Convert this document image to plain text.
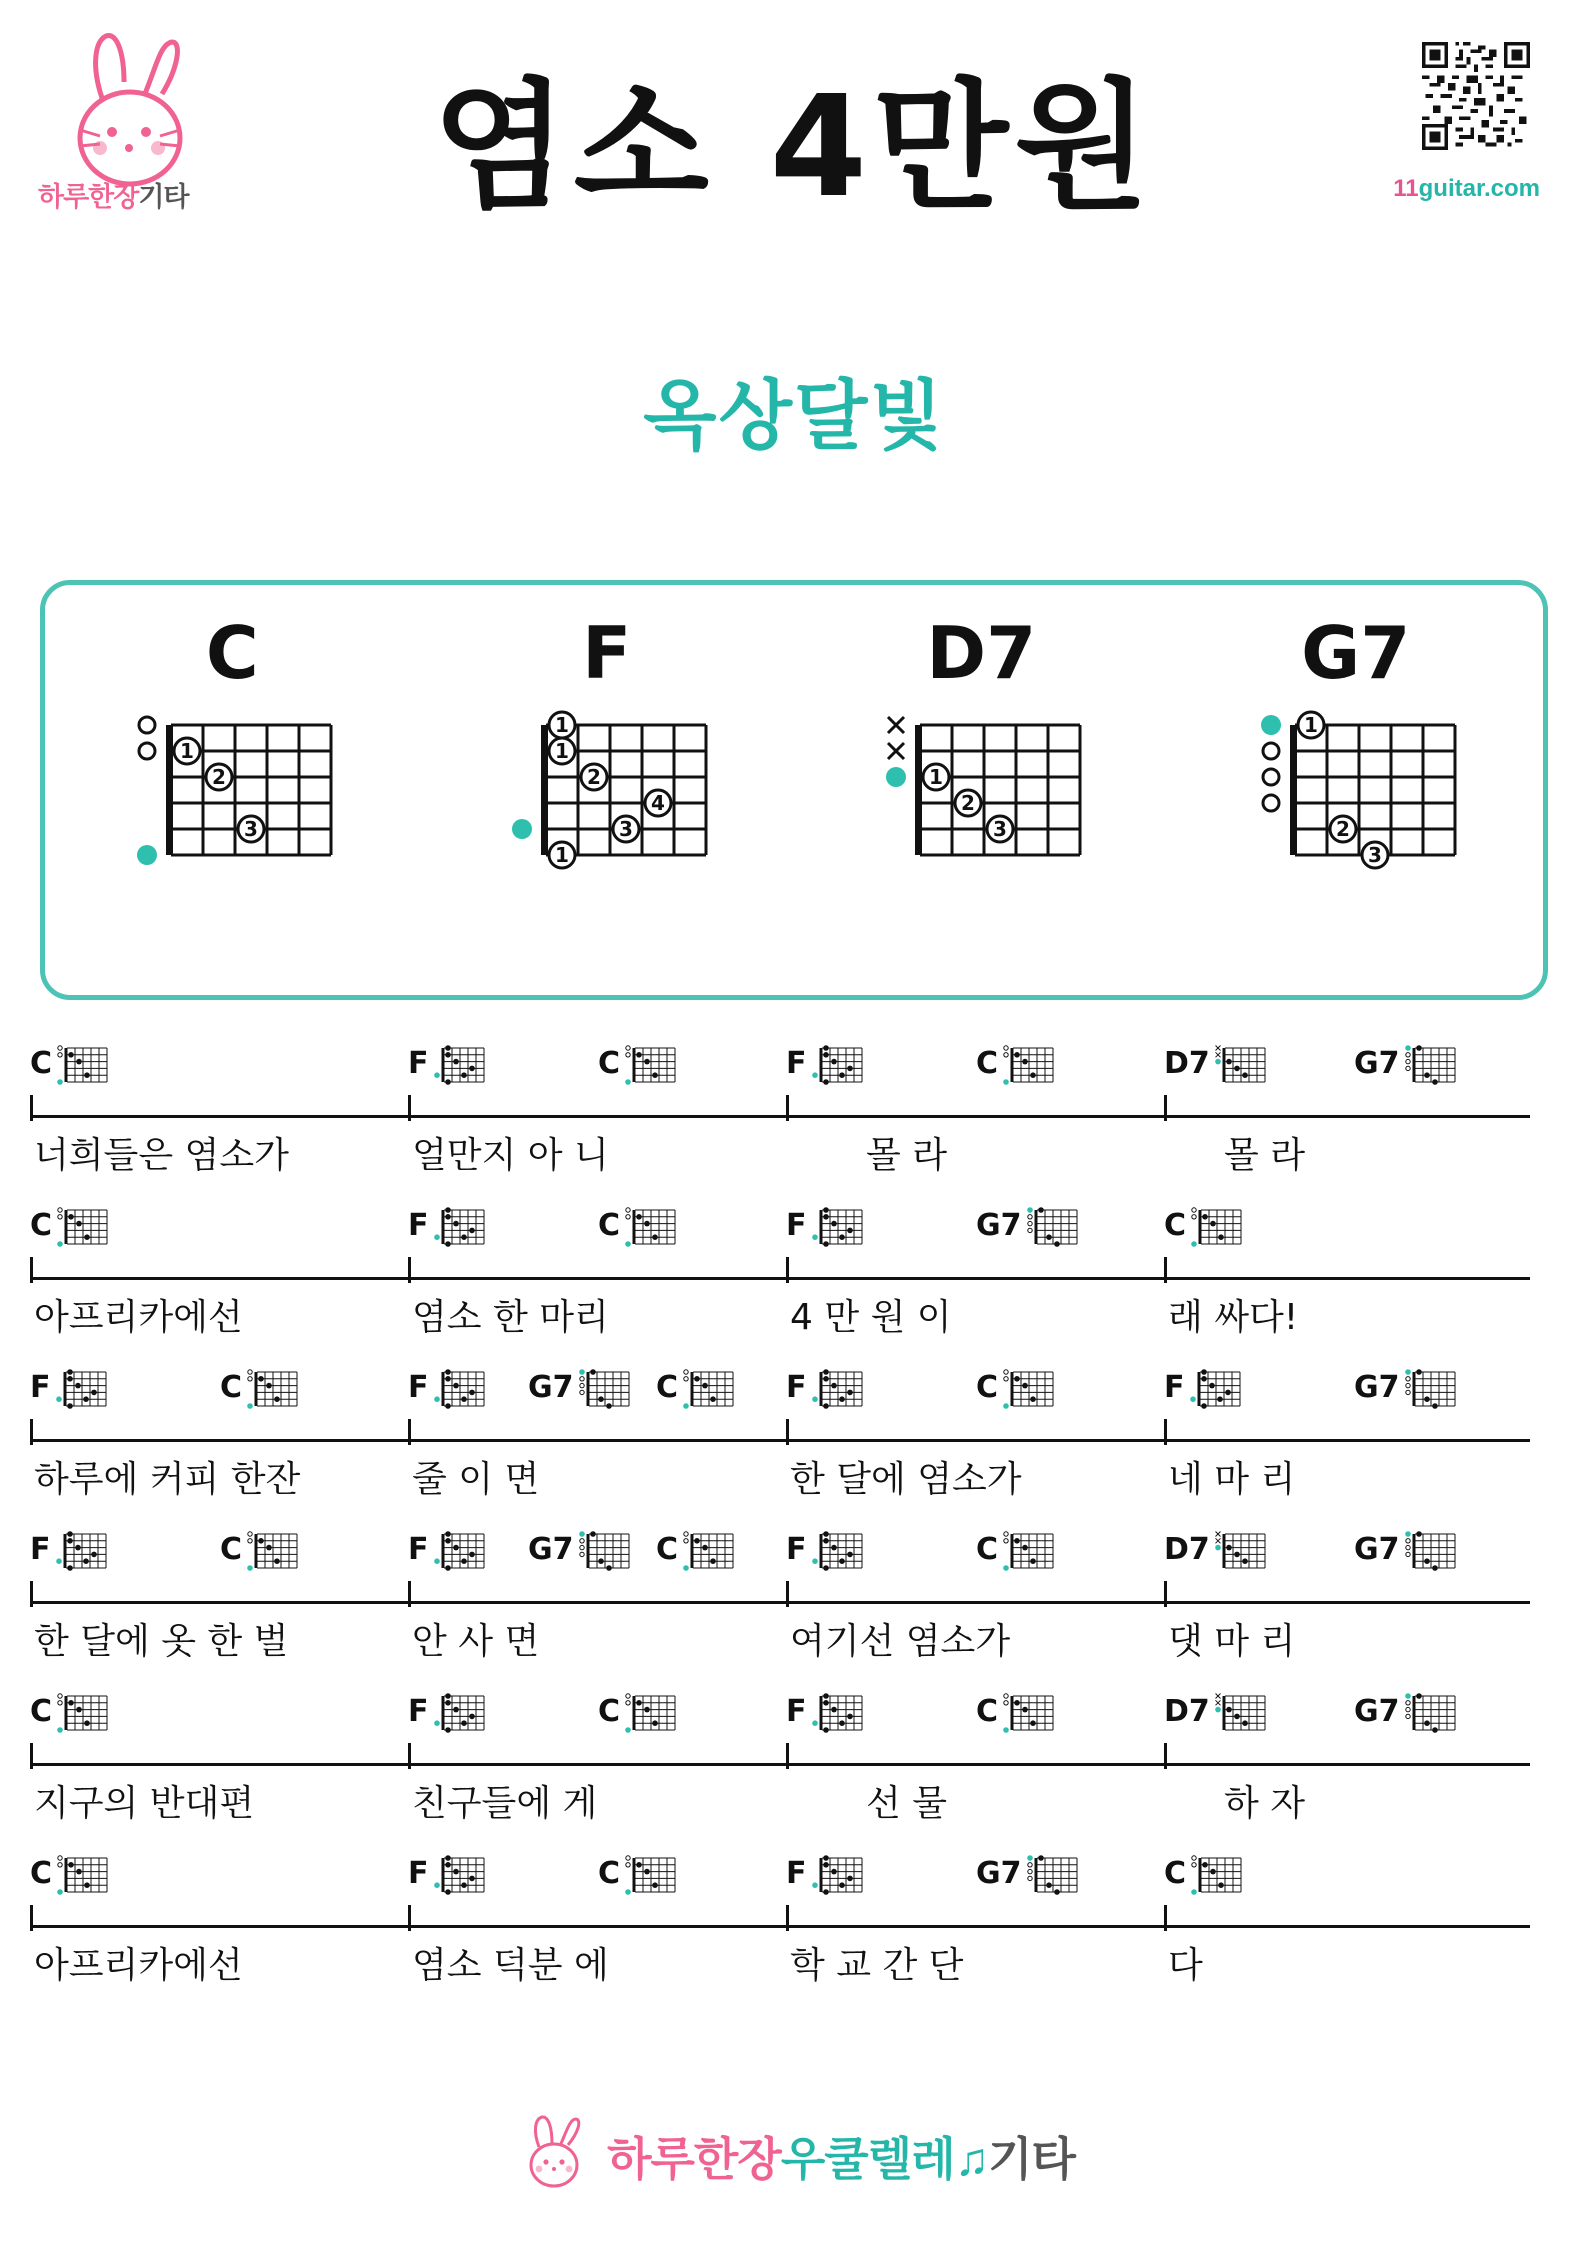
하루한장기타	염소 4만원
옥상달빛
11guitar.com
C
1
2
3
F
1
1
2
4
3
1
D7
1
2
3
G7
1
2
3
C
너희들은 염소가
F	C
얼만지 아 니
F	C
몰 라
D7	G7
몰 라
C
아프리카에선
F	C
염소 한 마리
F	G7
4 만 원 이
C
래 싸다!
F	C
하루에 커피 한잔
F	G7	C
줄 이 면
F	C
한 달에 염소가
F	G7
네 마 리
F	C
한 달에 옷 한 벌
F	G7	C
안 사 면
F	C
여기선 염소가
D7	G7
댓 마 리
C
지구의 반대편
F	C
친구들에 게
F	C
선 물
D7	G7
하 자
C
아프리카에선
F	C
염소 덕분 에
F	G7
학 교 간 단
C
다
하루한장우쿨렐레♫기타
